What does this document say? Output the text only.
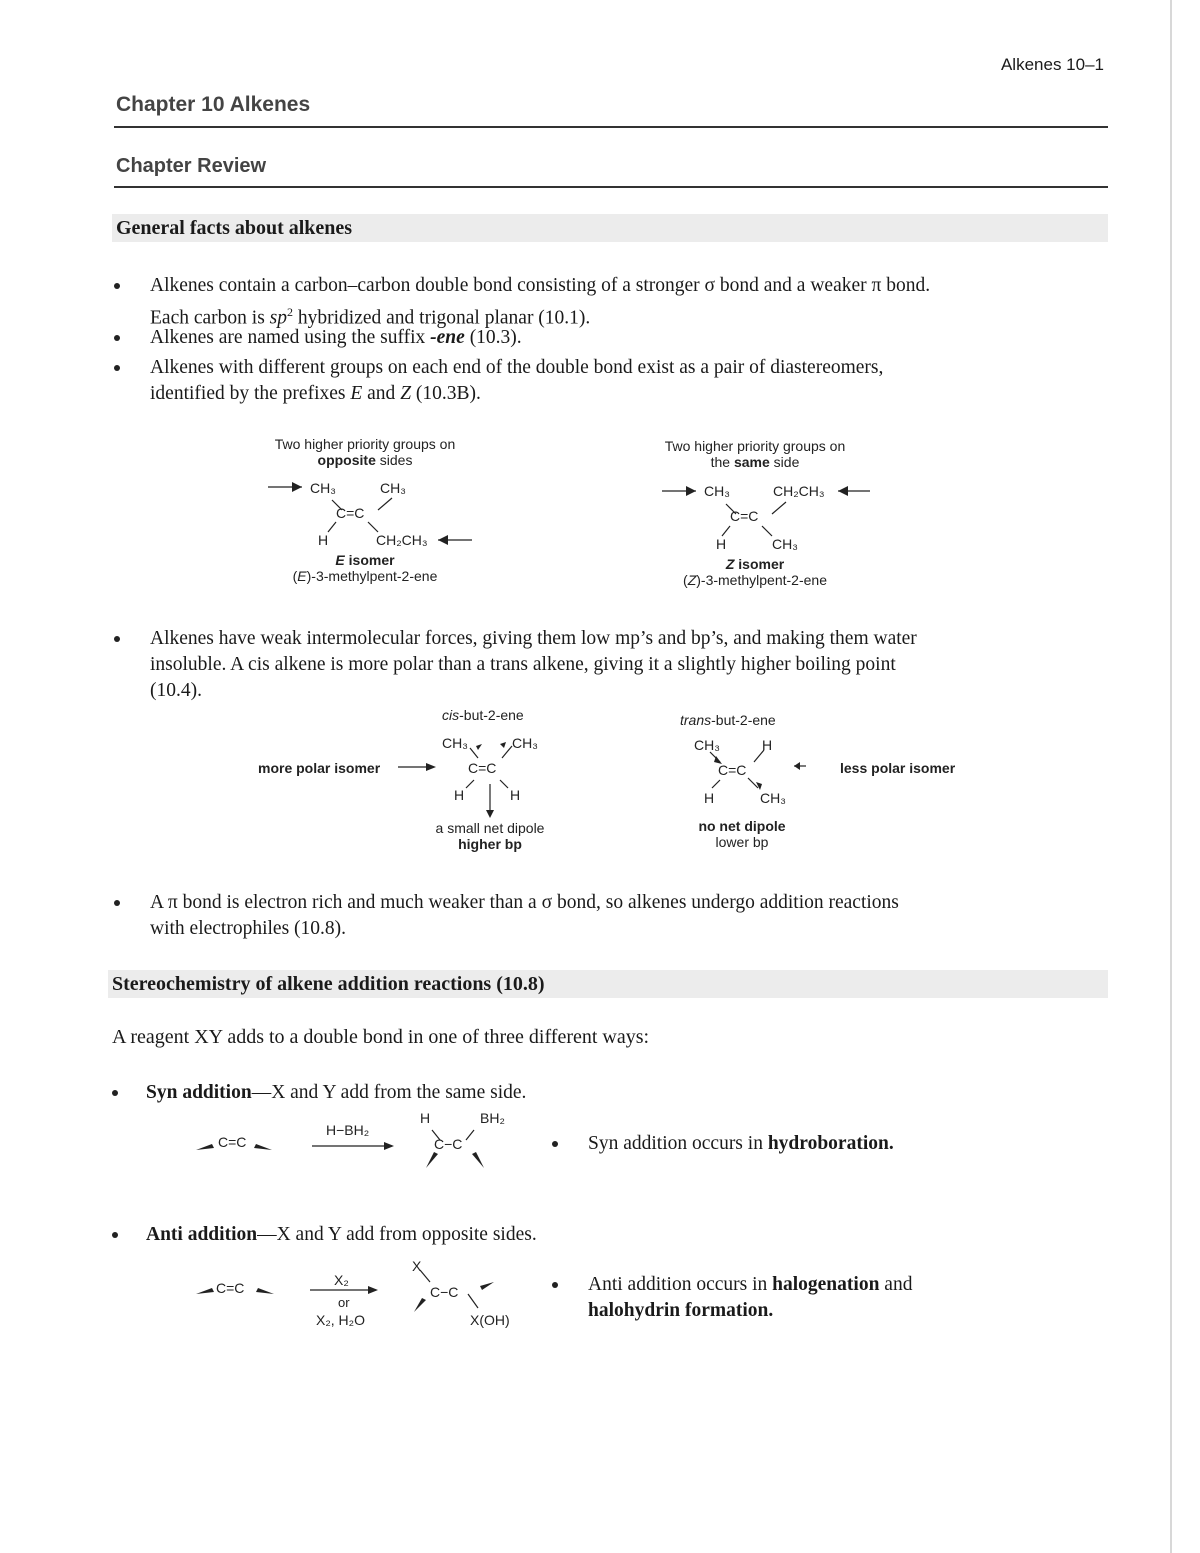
Alkenes 10–1
Chapter 10 Alkenes
Chapter Review
General facts about alkenes
Alkenes contain a carbon–carbon double bond consisting of a stronger σ bond and a weaker π bond.
Each carbon is $sp^2$ hybridized and trigonal planar (10.1).
Alkenes are named using the suffix -ene (10.3).
Alkenes with different groups on each end of the double bond exist as a pair of diastereomers,
identified by the prefixes E and Z (10.3B).
Two higher priority groups on
opposite sides
CH₃	CH₃
C=C
H	CH₂CH₃
E isomer
(E)-3-methylpent-2-ene
Two higher priority groups on
the same side
CH₃	CH₂CH₃
C=C
H	CH₃
Z isomer
(Z)-3-methylpent-2-ene
Alkenes have weak intermolecular forces, giving them low mp’s and bp’s, and making them water
insoluble. A cis alkene is more polar than a trans alkene, giving it a slightly higher boiling point
(10.4).
cis-but-2-ene
more polar isomer
CH₃	CH₃
C=C
H	H
a small net dipole
higher bp
trans-but-2-ene
CH₃	H
C=C
H	CH₃
less polar isomer
no net dipole
lower bp
A π bond is electron rich and much weaker than a σ bond, so alkenes undergo addition reactions
with electrophiles (10.8).
Stereochemistry of alkene addition reactions (10.8)
A reagent XY adds to a double bond in one of three different ways:
Syn addition—X and Y add from the same side.
C=C
H−BH₂
H	BH₂
C−C	Syn addition occurs in hydroboration.
Anti addition—X and Y add from opposite sides.
C=C	X₂
or
X₂, H₂O
X
C−C
X(OH)
Anti addition occurs in halogenation and
halohydrin formation.
